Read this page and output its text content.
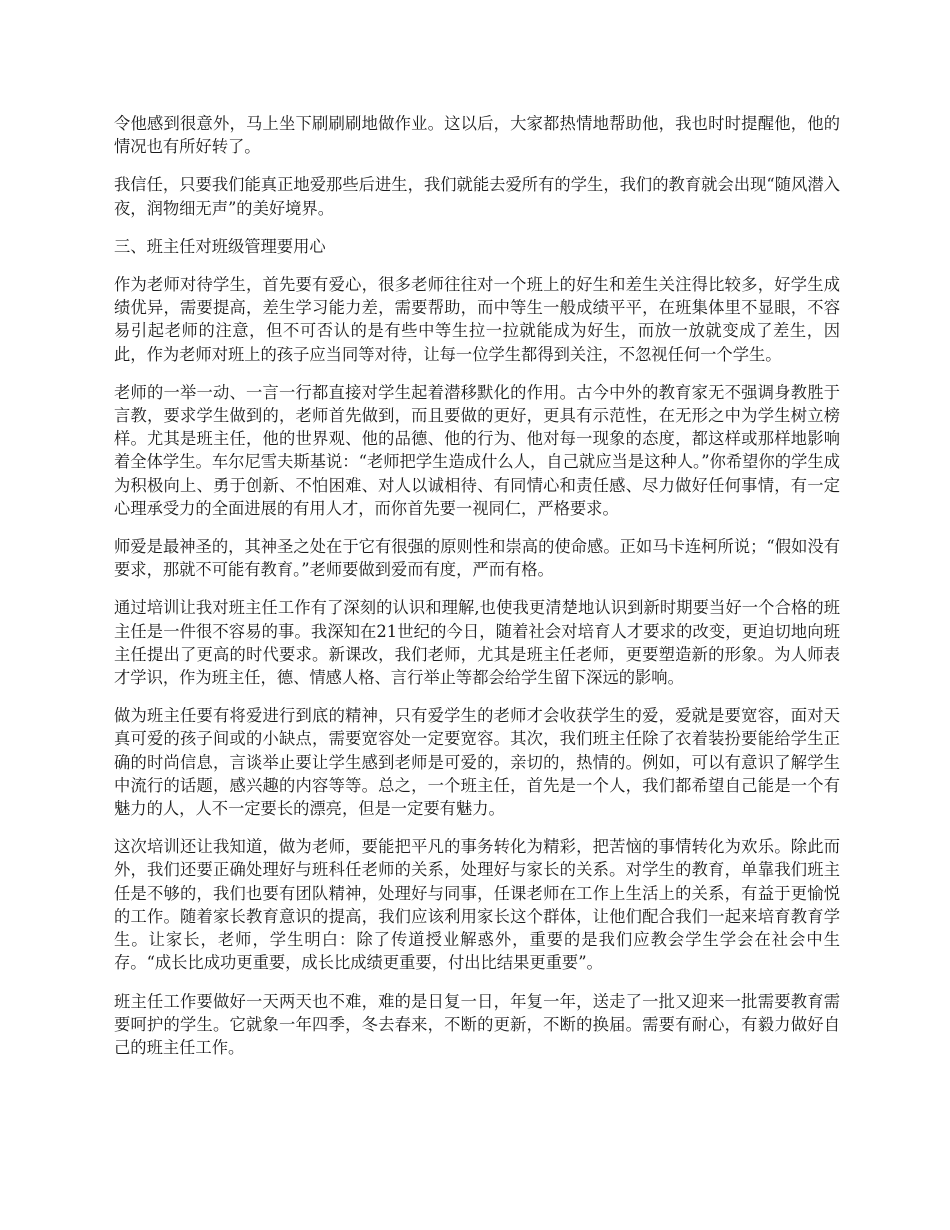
令他感到很意外，马上坐下刷刷刷地做作业。这以后，大家都热情地帮助他，我也时时提醒他，他的情况也有所好转了。

我信任，只要我们能真正地爱那些后进生，我们就能去爱所有的学生，我们的教育就会出现“随风潜入夜，润物细无声”的美好境界。

三、班主任对班级管理要用心

作为老师对待学生，首先要有爱心，很多老师往往对一个班上的好生和差生关注得比较多，好学生成绩优异，需要提高，差生学习能力差，需要帮助，而中等生一般成绩平平，在班集体里不显眼，不容易引起老师的注意，但不可否认的是有些中等生拉一拉就能成为好生，而放一放就变成了差生，因此，作为老师对班上的孩子应当同等对待，让每一位学生都得到关注，不忽视任何一个学生。

老师的一举一动、一言一行都直接对学生起着潜移默化的作用。古今中外的教育家无不强调身教胜于言教，要求学生做到的，老师首先做到，而且要做的更好，更具有示范性，在无形之中为学生树立榜样。尤其是班主任，他的世界观、他的品德、他的行为、他对每一现象的态度，都这样或那样地影响着全体学生。车尔尼雪夫斯基说：“老师把学生造成什么人，自己就应当是这种人。”你希望你的学生成为积极向上、勇于创新、不怕困难、对人以诚相待、有同情心和责任感、尽力做好任何事情，有一定心理承受力的全面进展的有用人才，而你首先要一视同仁，严格要求。

师爱是最神圣的，其神圣之处在于它有很强的原则性和崇高的使命感。正如马卡连柯所说；“假如没有要求，那就不可能有教育。”老师要做到爱而有度，严而有格。

通过培训让我对班主任工作有了深刻的认识和理解,也使我更清楚地认识到新时期要当好一个合格的班主任是一件很不容易的事。我深知在21世纪的今日，随着社会对培育人才要求的改变，更迫切地向班主任提出了更高的时代要求。新课改，我们老师，尤其是班主任老师，更要塑造新的形象。为人师表才学识，作为班主任，德、情感人格、言行举止等都会给学生留下深远的影响。

做为班主任要有将爱进行到底的精神，只有爱学生的老师才会收获学生的爱，爱就是要宽容，面对天真可爱的孩子间或的小缺点，需要宽容处一定要宽容。其次，我们班主任除了衣着装扮要能给学生正确的时尚信息，言谈举止要让学生感到老师是可爱的，亲切的，热情的。例如，可以有意识了解学生中流行的话题，感兴趣的内容等等。总之，一个班主任，首先是一个人，我们都希望自己能是一个有魅力的人，人不一定要长的漂亮，但是一定要有魅力。

这次培训还让我知道，做为老师，要能把平凡的事务转化为精彩，把苦恼的事情转化为欢乐。除此而外，我们还要正确处理好与班科任老师的关系，处理好与家长的关系。对学生的教育，单靠我们班主任是不够的，我们也要有团队精神，处理好与同事，任课老师在工作上生活上的关系，有益于更愉悦的工作。随着家长教育意识的提高，我们应该利用家长这个群体，让他们配合我们一起来培育教育学生。让家长，老师，学生明白：除了传道授业解惑外，重要的是我们应教会学生学会在社会中生存。“成长比成功更重要，成长比成绩更重要，付出比结果更重要”。

班主任工作要做好一天两天也不难，难的是日复一日，年复一年，送走了一批又迎来一批需要教育需要呵护的学生。它就象一年四季，冬去春来，不断的更新，不断的换届。需要有耐心，有毅力做好自己的班主任工作。
